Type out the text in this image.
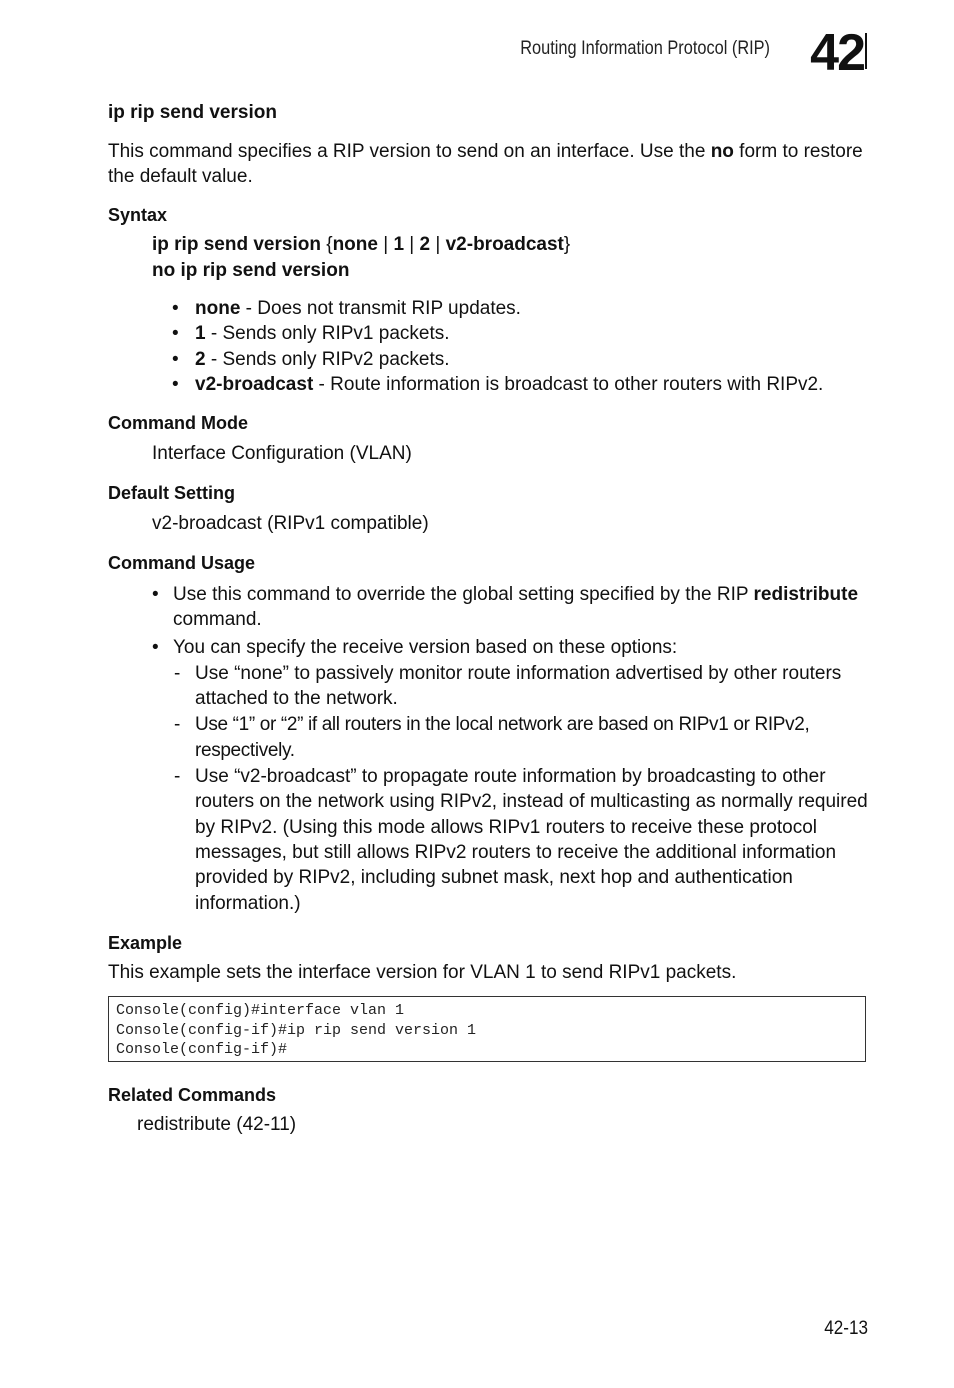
Routing Information Protocol (RIP) 42
ip rip send version
This command specifies a RIP version to send on an interface. Use the no form to restore the default value.
Syntax
ip rip send version {none | 1 | 2 | v2-broadcast}
no ip rip send version
• none - Does not transmit RIP updates.
• 1 - Sends only RIPv1 packets.
• 2 - Sends only RIPv2 packets.
• v2-broadcast - Route information is broadcast to other routers with RIPv2.
Command Mode
Interface Configuration (VLAN)
Default Setting
v2-broadcast (RIPv1 compatible)
Command Usage
• Use this command to override the global setting specified by the RIP redistribute command.
• You can specify the receive version based on these options:
- Use “none” to passively monitor route information advertised by other routers attached to the network.
- Use “1” or “2” if all routers in the local network are based on RIPv1 or RIPv2, respectively.
- Use “v2-broadcast” to propagate route information by broadcasting to other routers on the network using RIPv2, instead of multicasting as normally required by RIPv2. (Using this mode allows RIPv1 routers to receive these protocol messages, but still allows RIPv2 routers to receive the additional information provided by RIPv2, including subnet mask, next hop and authentication information.)
Example
This example sets the interface version for VLAN 1 to send RIPv1 packets.
Console(config)#interface vlan 1
Console(config-if)#ip rip send version 1
Console(config-if)#
Related Commands
redistribute (42-11)
42-13
